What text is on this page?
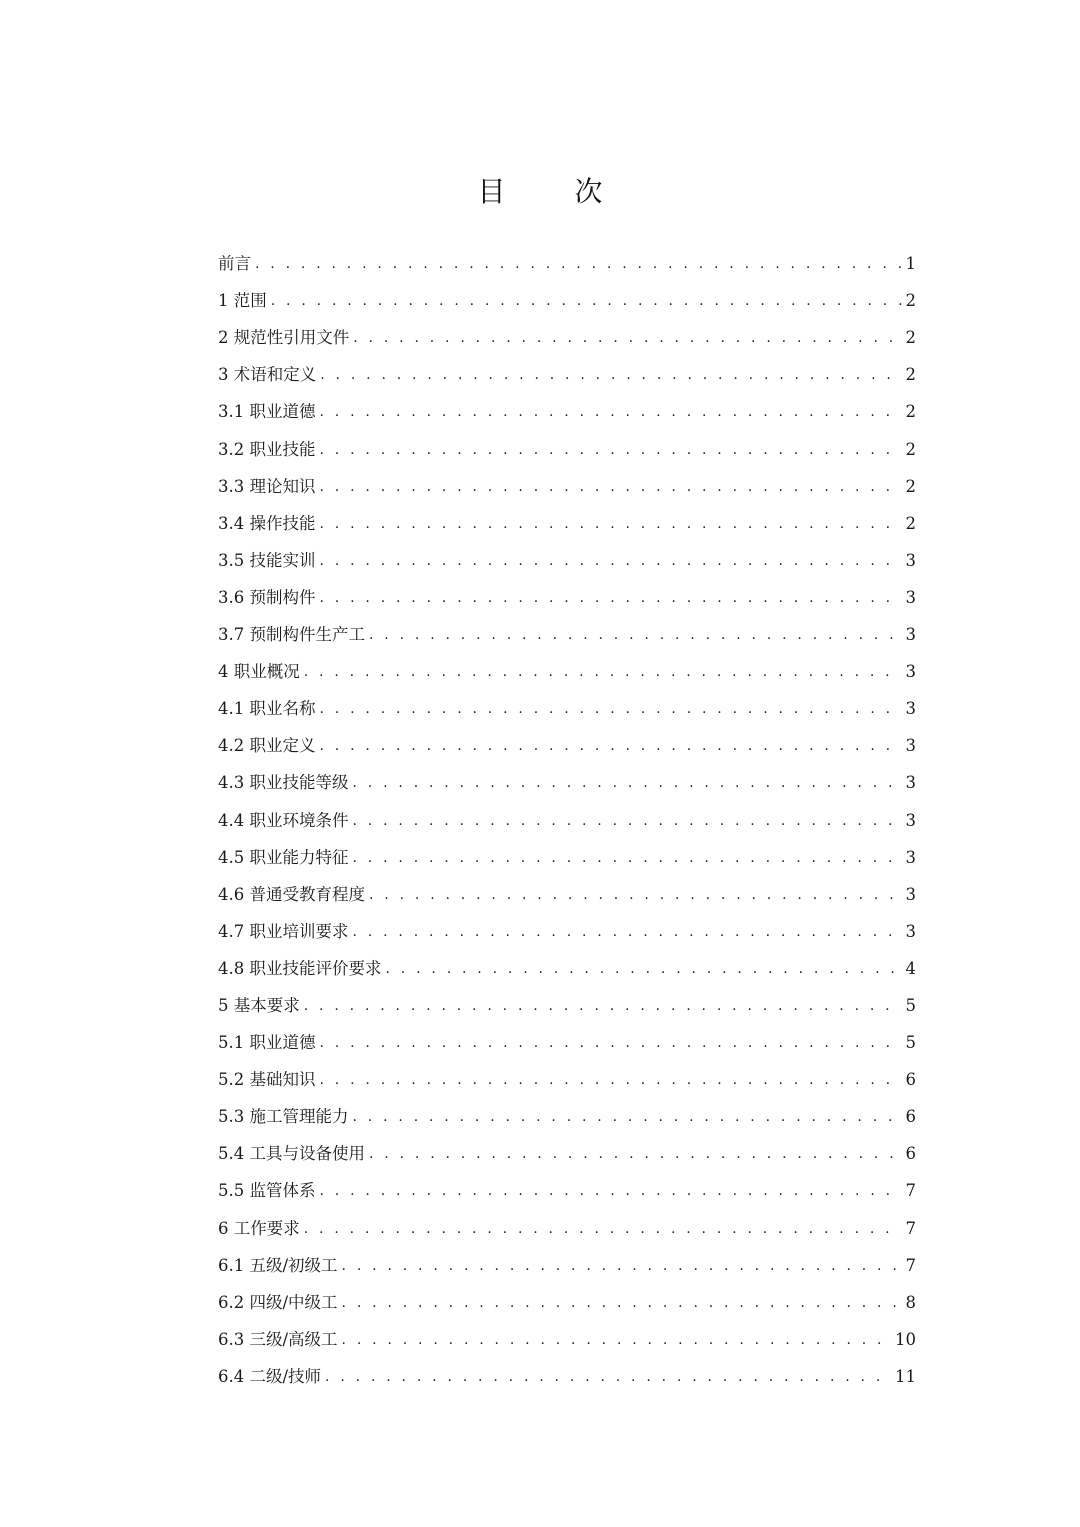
目 次
前言 . . .	1
1 范围 . . .	2
2 规范性引用文件 . . .	2
3 术语和定义 . . .	2
3.1 职业道德 . . .	2
3.2 职业技能 . . .	2
3.3 理论知识 . . .	2
3.4 操作技能 . . .	2
3.5 技能实训 . . .	3
3.6 预制构件 . . .	3
3.7 预制构件生产工 . . .	3
4 职业概况 . . .	3
4.1 职业名称 . . .	3
4.2 职业定义 . . .	3
4.3 职业技能等级 . . .	3
4.4 职业环境条件 . . .	3
4.5 职业能力特征 . . .	3
4.6 普通受教育程度 . . .	3
4.7 职业培训要求 . . .	3
4.8 职业技能评价要求 . . .	4
5 基本要求 . . .	5
5.1 职业道德 . . .	5
5.2 基础知识 . . .	6
5.3 施工管理能力 . . .	6
5.4 工具与设备使用 . . .	6
5.5 监管体系 . . .	7
6 工作要求 . . .	7
6.1 五级/初级工 . . .	7
6.2 四级/中级工 . . .	8
6.3 三级/高级工 . . .	10
6.4 二级/技师 . . .	11
